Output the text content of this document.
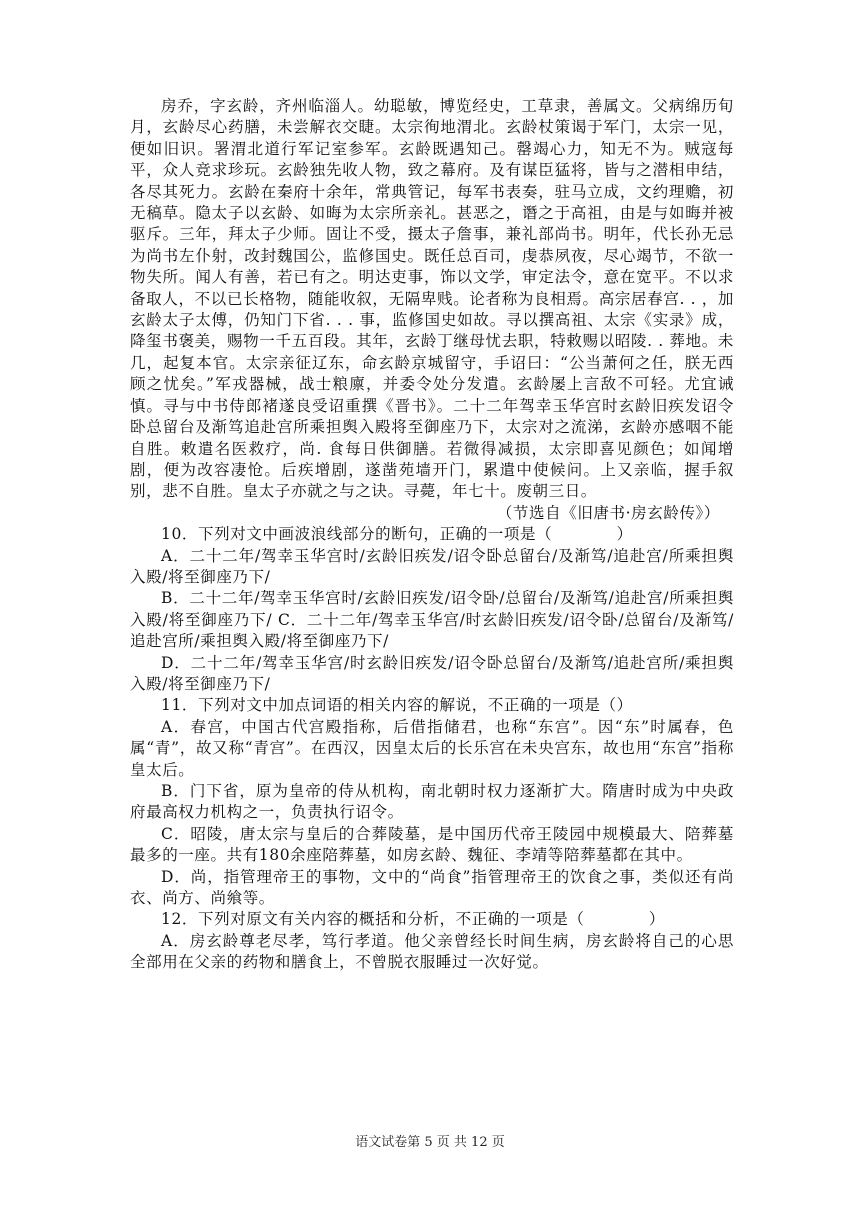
房乔，字玄龄，齐州临淄人。幼聪敏，博览经史，工草隶，善属文。父病绵历旬月，玄龄尽心药膳，未尝解衣交睫。太宗徇地渭北。玄龄杖策谒于军门，太宗一见，便如旧识。署渭北道行军记室参军。玄龄既遇知己。罄竭心力，知无不为。贼寇每平，众人竞求珍玩。玄龄独先收人物，致之幕府。及有谋臣猛将，皆与之潜相申结，各尽其死力。玄龄在秦府十余年，常典管记，每军书表奏，驻马立成，文约理赡，初无稿草。隐太子以玄龄、如晦为太宗所亲礼。甚恶之，谮之于高祖，由是与如晦并被驱斥。三年，拜太子少师。固让不受，摄太子詹事，兼礼部尚书。明年，代长孙无忌为尚书左仆射，改封魏国公，监修国史。既任总百司，虔恭夙夜，尽心竭节，不欲一物失所。闻人有善，若已有之。明达吏事，饰以文学，审定法令，意在宽平。不以求备取人，不以已长格物，随能收叙，无隔卑贱。论者称为良相焉。高宗居春宫. . ，加玄龄太子太傅，仍知门下省. . . 事，监修国史如故。寻以撰高祖、太宗《实录》成，降玺书褒美，赐物一千五百段。其年，玄龄丁继母忧去职，特敕赐以昭陵. . 葬地。未几，起复本官。太宗亲征辽东，命玄龄京城留守，手诏曰：“公当萧何之任，朕无西顾之忧矣。”军戎器械，战士粮廪，并委令处分发遣。玄龄屡上言敌不可轻。尤宜诫慎。寻与中书侍郎褚遂良受诏重撰《晋书》。二十二年驾幸玉华宫时玄龄旧疾发诏令卧总留台及渐笃追赴宫所乘担舆入殿将至御座乃下，太宗对之流涕，玄龄亦感咽不能自胜。敕遣名医救疗，尚. 食每日供御膳。若微得减损，太宗即喜见颜色；如闻增剧，便为改容凄怆。后疾增剧，遂凿苑墙开门，累遣中使候问。上又亲临，握手叙别，悲不自胜。皇太子亦就之与之诀。寻薨，年七十。废朝三日。

（节选自《旧唐书·房玄龄传》）

10．下列对文中画波浪线部分的断句，正确的一项是（　　　　）

A．二十二年/驾幸玉华宫时/玄龄旧疾发/诏令卧总留台/及渐笃/追赴宫/所乘担舆入殿/将至御座乃下/

B．二十二年/驾幸玉华宫时/玄龄旧疾发/诏令卧/总留台/及渐笃/追赴宫/所乘担舆入殿/将至御座乃下/ C．二十二年/驾幸玉华宫/时玄龄旧疾发/诏令卧/总留台/及渐笃/追赴宫所/乘担舆入殿/将至御座乃下/

D．二十二年/驾幸玉华宫/时玄龄旧疾发/诏令卧总留台/及渐笃/追赴宫所/乘担舆入殿/将至御座乃下/

11．下列对文中加点词语的相关内容的解说，不正确的一项是（）

A．春宫，中国古代宫殿指称，后借指储君，也称“东宫”。因“东”时属春，色属“青”，故又称“青宫”。在西汉，因皇太后的长乐宫在未央宫东，故也用“东宫”指称皇太后。

B．门下省，原为皇帝的侍从机构，南北朝时权力逐渐扩大。隋唐时成为中央政府最高权力机构之一，负责执行诏令。

C．昭陵，唐太宗与皇后的合葬陵墓，是中国历代帝王陵园中规模最大、陪葬墓最多的一座。共有180余座陪葬墓，如房玄龄、魏征、李靖等陪葬墓都在其中。

D．尚，指管理帝王的事物，文中的“尚食”指管理帝王的饮食之事，类似还有尚衣、尚方、尚飨等。

12．下列对原文有关内容的概括和分析，不正确的一项是（　　　　）

A．房玄龄尊老尽孝，笃行孝道。他父亲曾经长时间生病，房玄龄将自己的心思全部用在父亲的药物和膳食上，不曾脱衣服睡过一次好觉。

语文试卷第 5 页 共 12 页
